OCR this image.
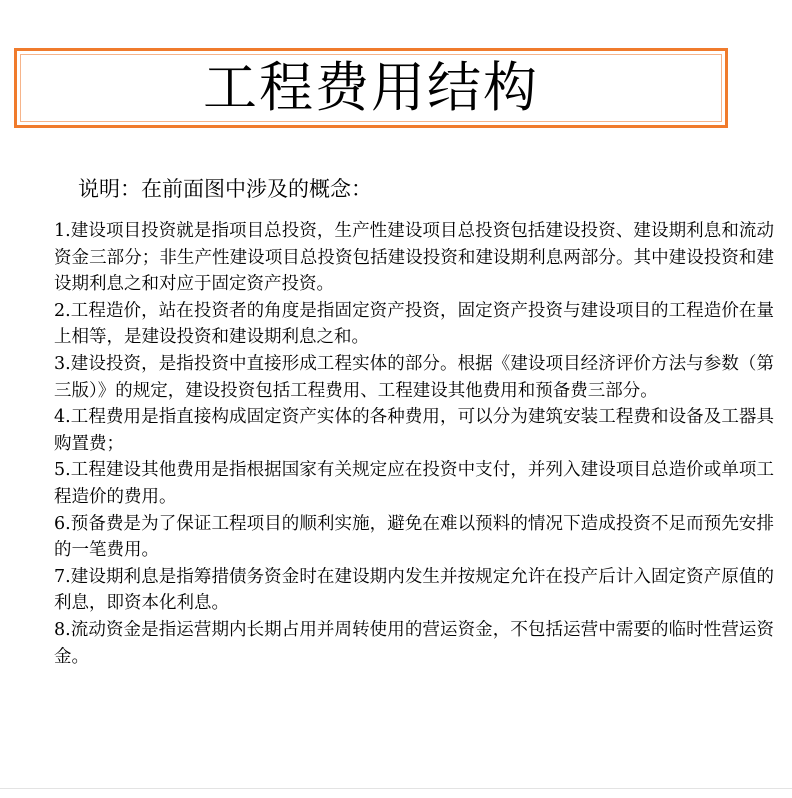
工程费用结构
说明：在前面图中涉及的概念：

1.建设项目投资就是指项目总投资，生产性建设项目总投资包括建设投资、建设期利息和流动资金三部分；非生产性建设项目总投资包括建设投资和建设期利息两部分。其中建设投资和建设期利息之和对应于固定资产投资。

2.工程造价，站在投资者的角度是指固定资产投资，固定资产投资与建设项目的工程造价在量上相等，是建设投资和建设期利息之和。

3.建设投资，是指投资中直接形成工程实体的部分。根据《建设项目经济评价方法与参数（第三版）》的规定，建设投资包括工程费用、工程建设其他费用和预备费三部分。

4.工程费用是指直接构成固定资产实体的各种费用，可以分为建筑安装工程费和设备及工器具购置费；

5.工程建设其他费用是指根据国家有关规定应在投资中支付，并列入建设项目总造价或单项工程造价的费用。

6.预备费是为了保证工程项目的顺利实施，避免在难以预料的情况下造成投资不足而预先安排的一笔费用。

7.建设期利息是指筹措债务资金时在建设期内发生并按规定允许在投产后计入固定资产原值的利息，即资本化利息。

8.流动资金是指运营期内长期占用并周转使用的营运资金，不包括运营中需要的临时性营运资金。
